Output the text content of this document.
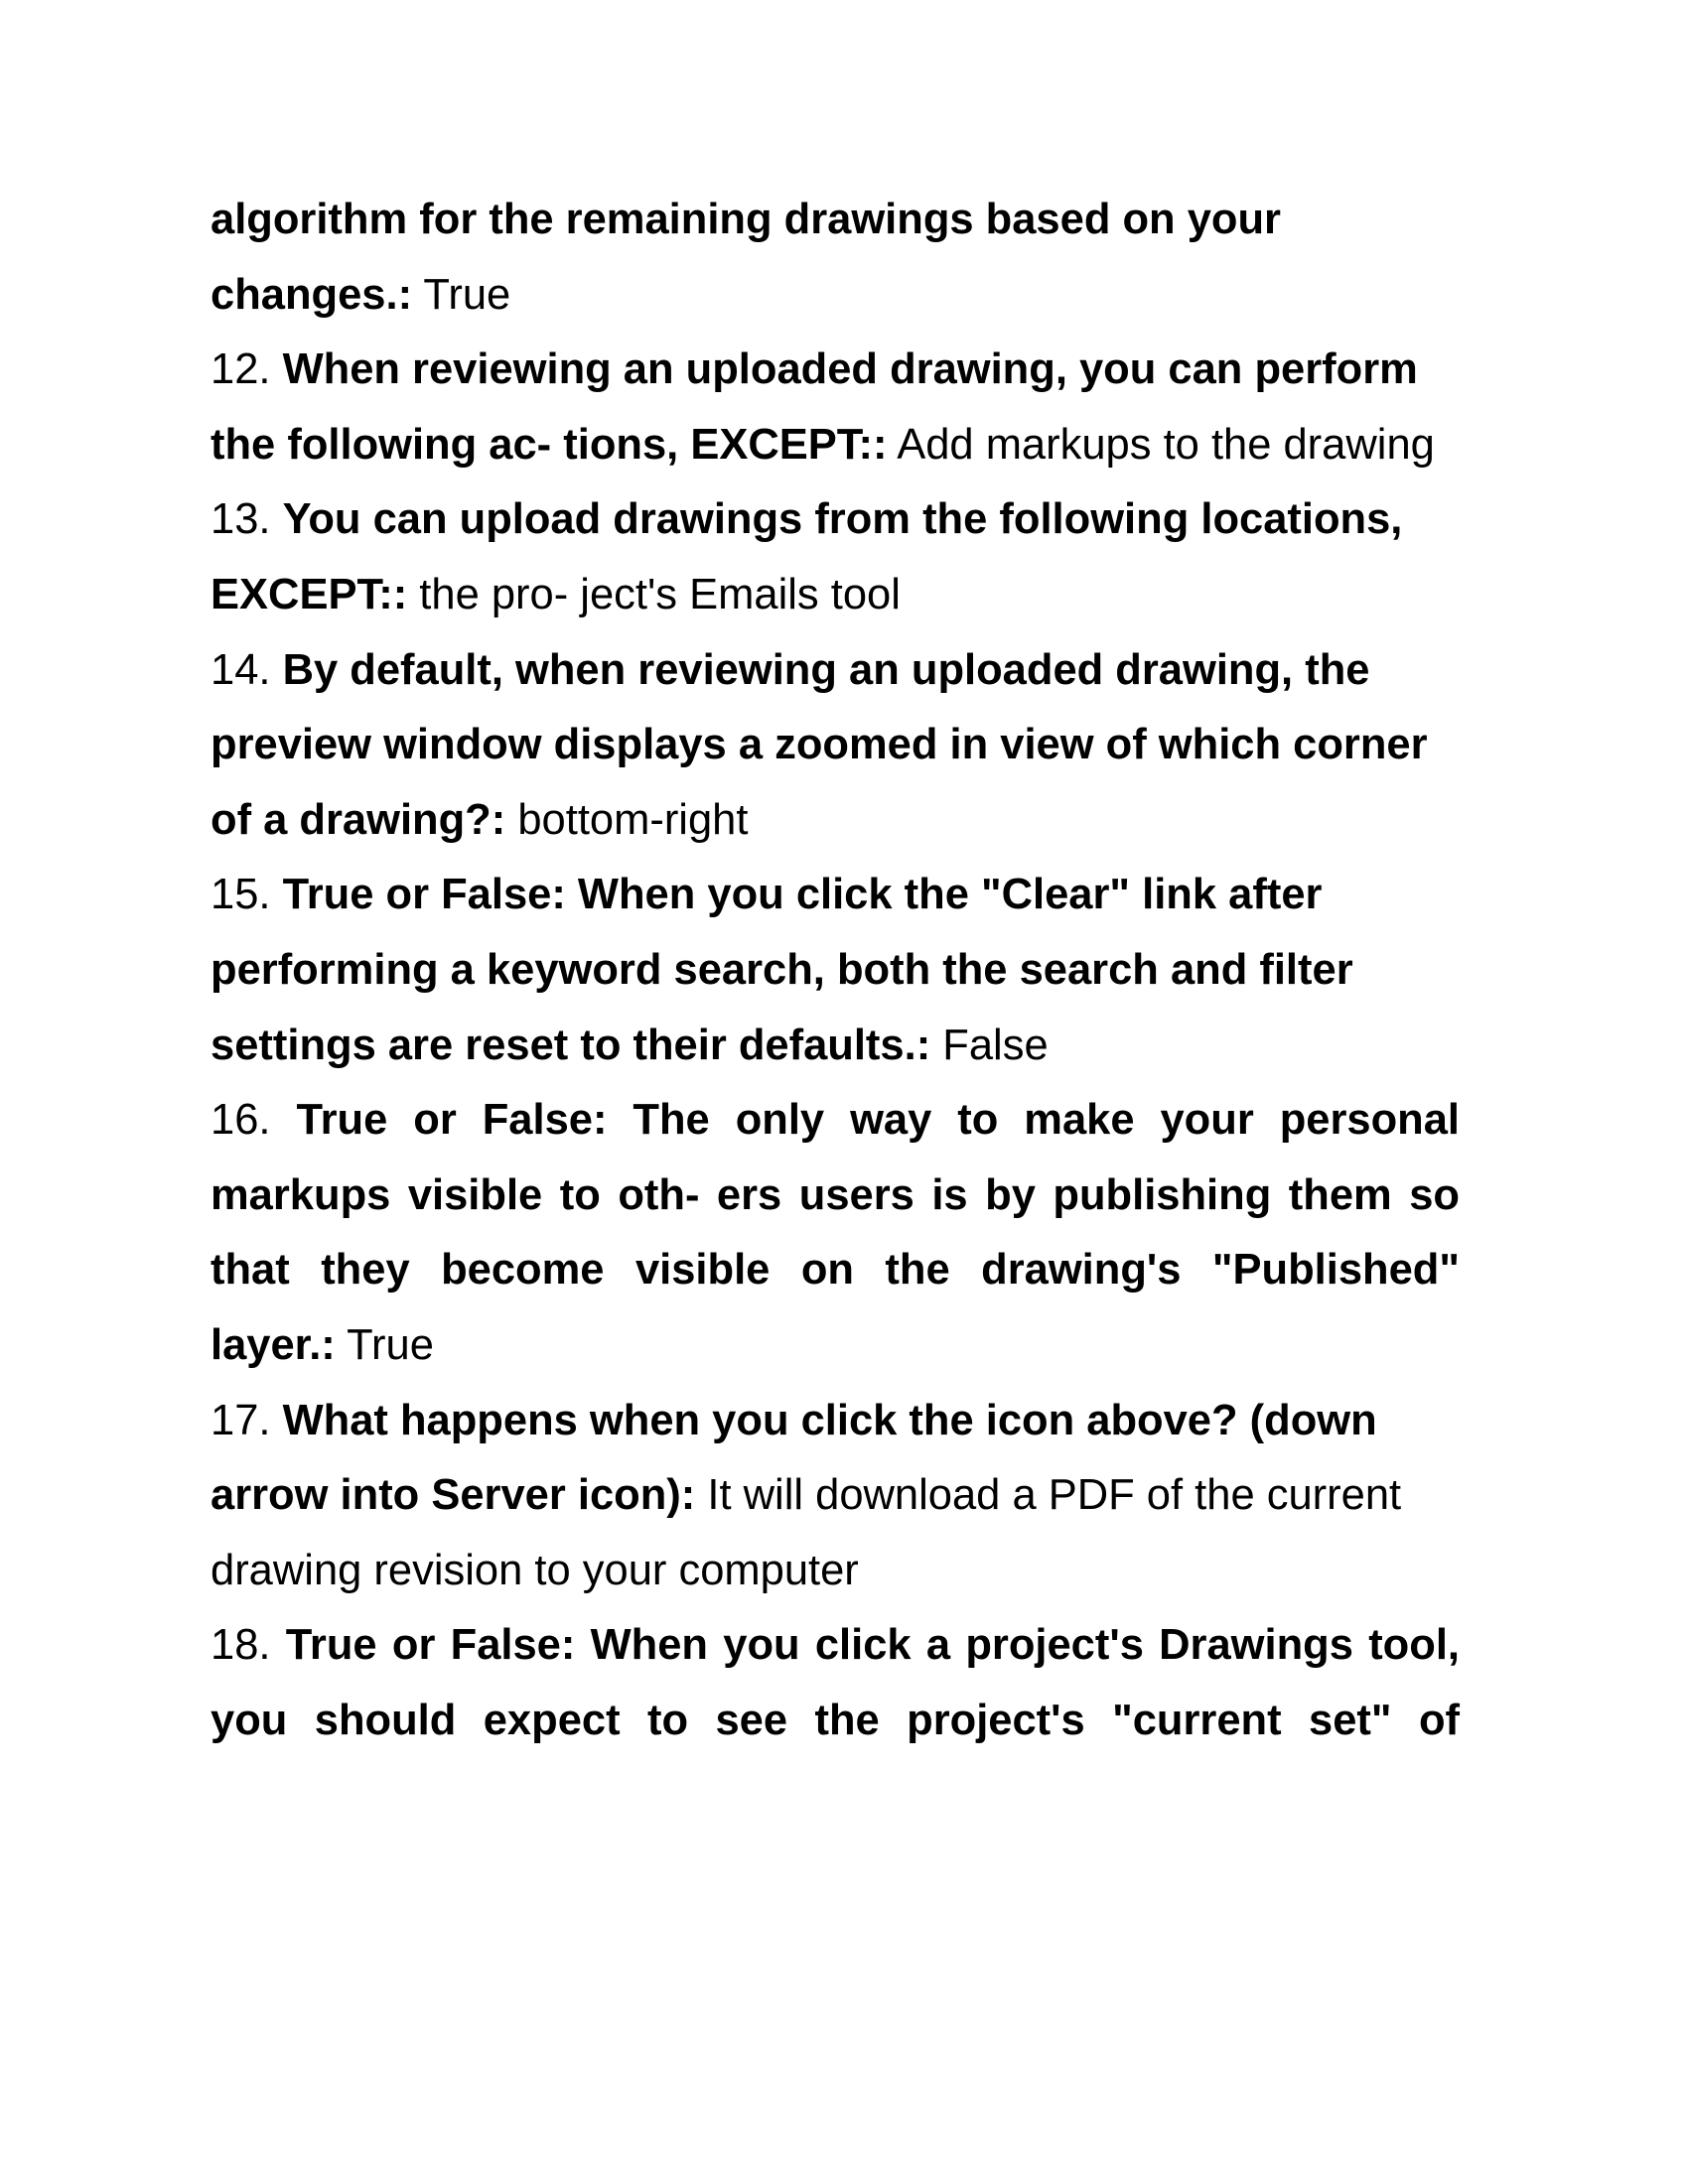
algorithm for the remaining drawings based on your changes.: True

12. When reviewing an uploaded drawing, you can perform the following ac- tions, EXCEPT:: Add markups to the drawing

13. You can upload drawings from the following locations, EXCEPT:: the pro- ject's Emails tool

14. By default, when reviewing an uploaded drawing, the preview window displays a zoomed in view of which corner of a drawing?: bottom-right

15. True or False: When you click the "Clear" link after performing a keyword search, both the search and filter settings are reset to their defaults.: False

16. True or False: The only way to make your personal markups visible to oth- ers users is by publishing them so that they become visible on the drawing's "Published" layer.: True

17. What happens when you click the icon above? (down arrow into Server icon): It will download a PDF of the current drawing revision to your computer

18. True or False: When you click a project's Drawings tool, you should expect to see the project's "current set" of
